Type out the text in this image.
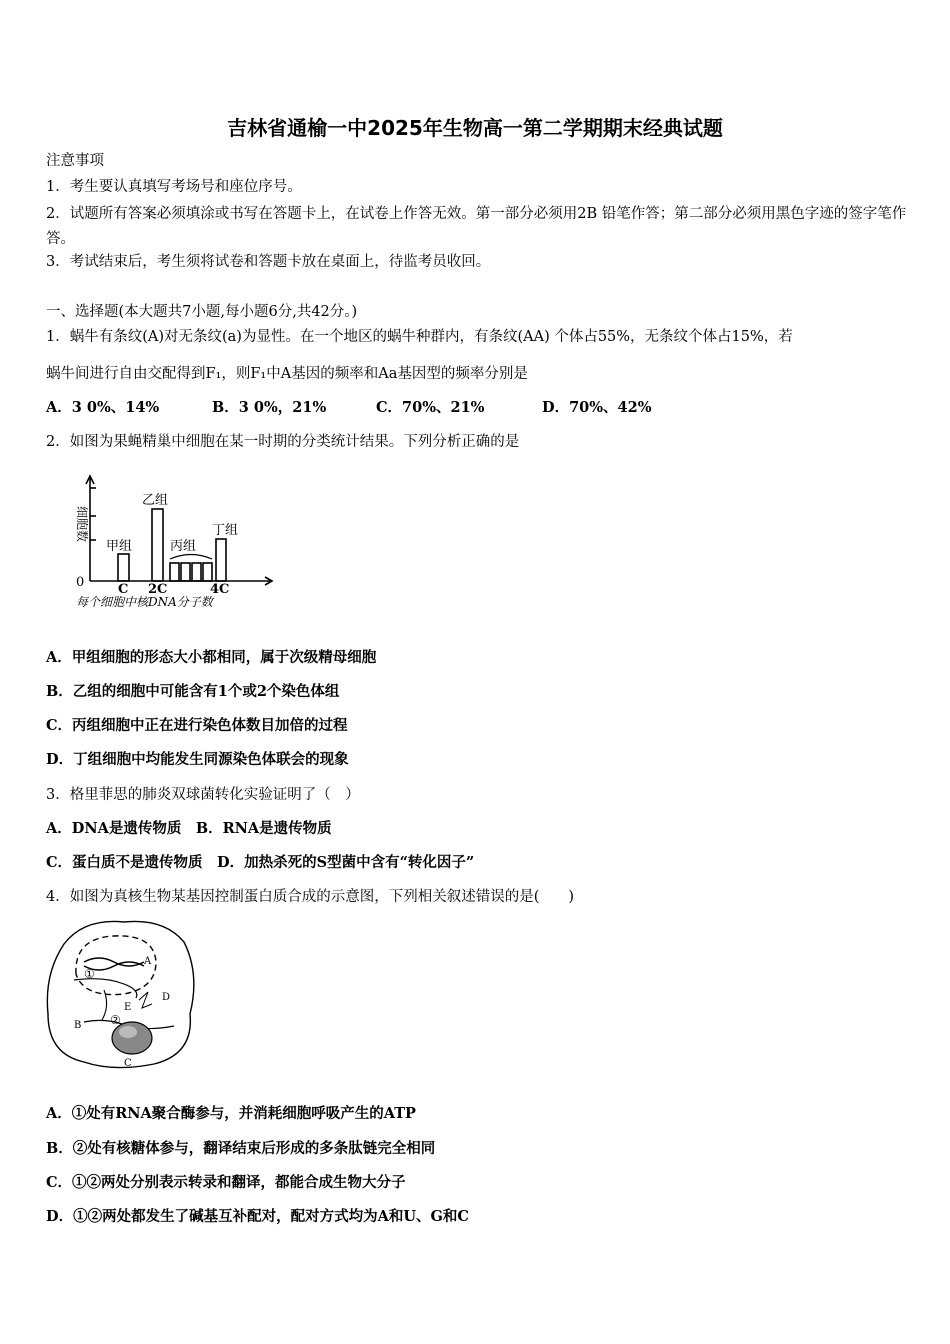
吉林省通榆一中2025年生物高一第二学期期末经典试题
注意事项
1．考生要认真填写考场号和座位序号。
2．试题所有答案必须填涂或书写在答题卡上，在试卷上作答无效。第一部分必须用2B 铅笔作答；第二部分必须用黑色字迹的签字笔作答。
3．考试结束后，考生须将试卷和答题卡放在桌面上，待监考员收回。
一、选择题(本大题共7小题,每小题6分,共42分。)
1．蜗牛有条纹(A)对无条纹(a)为显性。在一个地区的蜗牛种群内，有条纹(AA) 个体占55%，无条纹个体占15%，若
蜗牛间进行自由交配得到F₁，则F₁中A基因的频率和Aa基因型的频率分别是
A．3 0%、14%	B．3 0%，21%	C．70%、21%	D．70%、42%
2．如图为果蝇精巢中细胞在某一时期的分类统计结果。下列分析正确的是
细胞数
0	C 2C	4C
甲组
乙组
丙组
丁组
每个细胞中核DNA分子数
A．甲组细胞的形态大小都相同，属于次级精母细胞
B．乙组的细胞中可能含有1个或2个染色体组
C．丙组细胞中正在进行染色体数目加倍的过程
D．丁组细胞中均能发生同源染色体联会的现象
3．格里菲思的肺炎双球菌转化实验证明了（　）
A．DNA是遗传物质　B．RNA是遗传物质
C．蛋白质不是遗传物质　D．加热杀死的S型菌中含有“转化因子”
4．如图为真核生物某基因控制蛋白质合成的示意图，下列相关叙述错误的是(　　)
A
B
C
D
E
①
②
A．①处有RNA聚合酶参与，并消耗细胞呼吸产生的ATP
B．②处有核糖体参与，翻译结束后形成的多条肽链完全相同
C．①②两处分别表示转录和翻译，都能合成生物大分子
D．①②两处都发生了碱基互补配对，配对方式均为A和U、G和C
